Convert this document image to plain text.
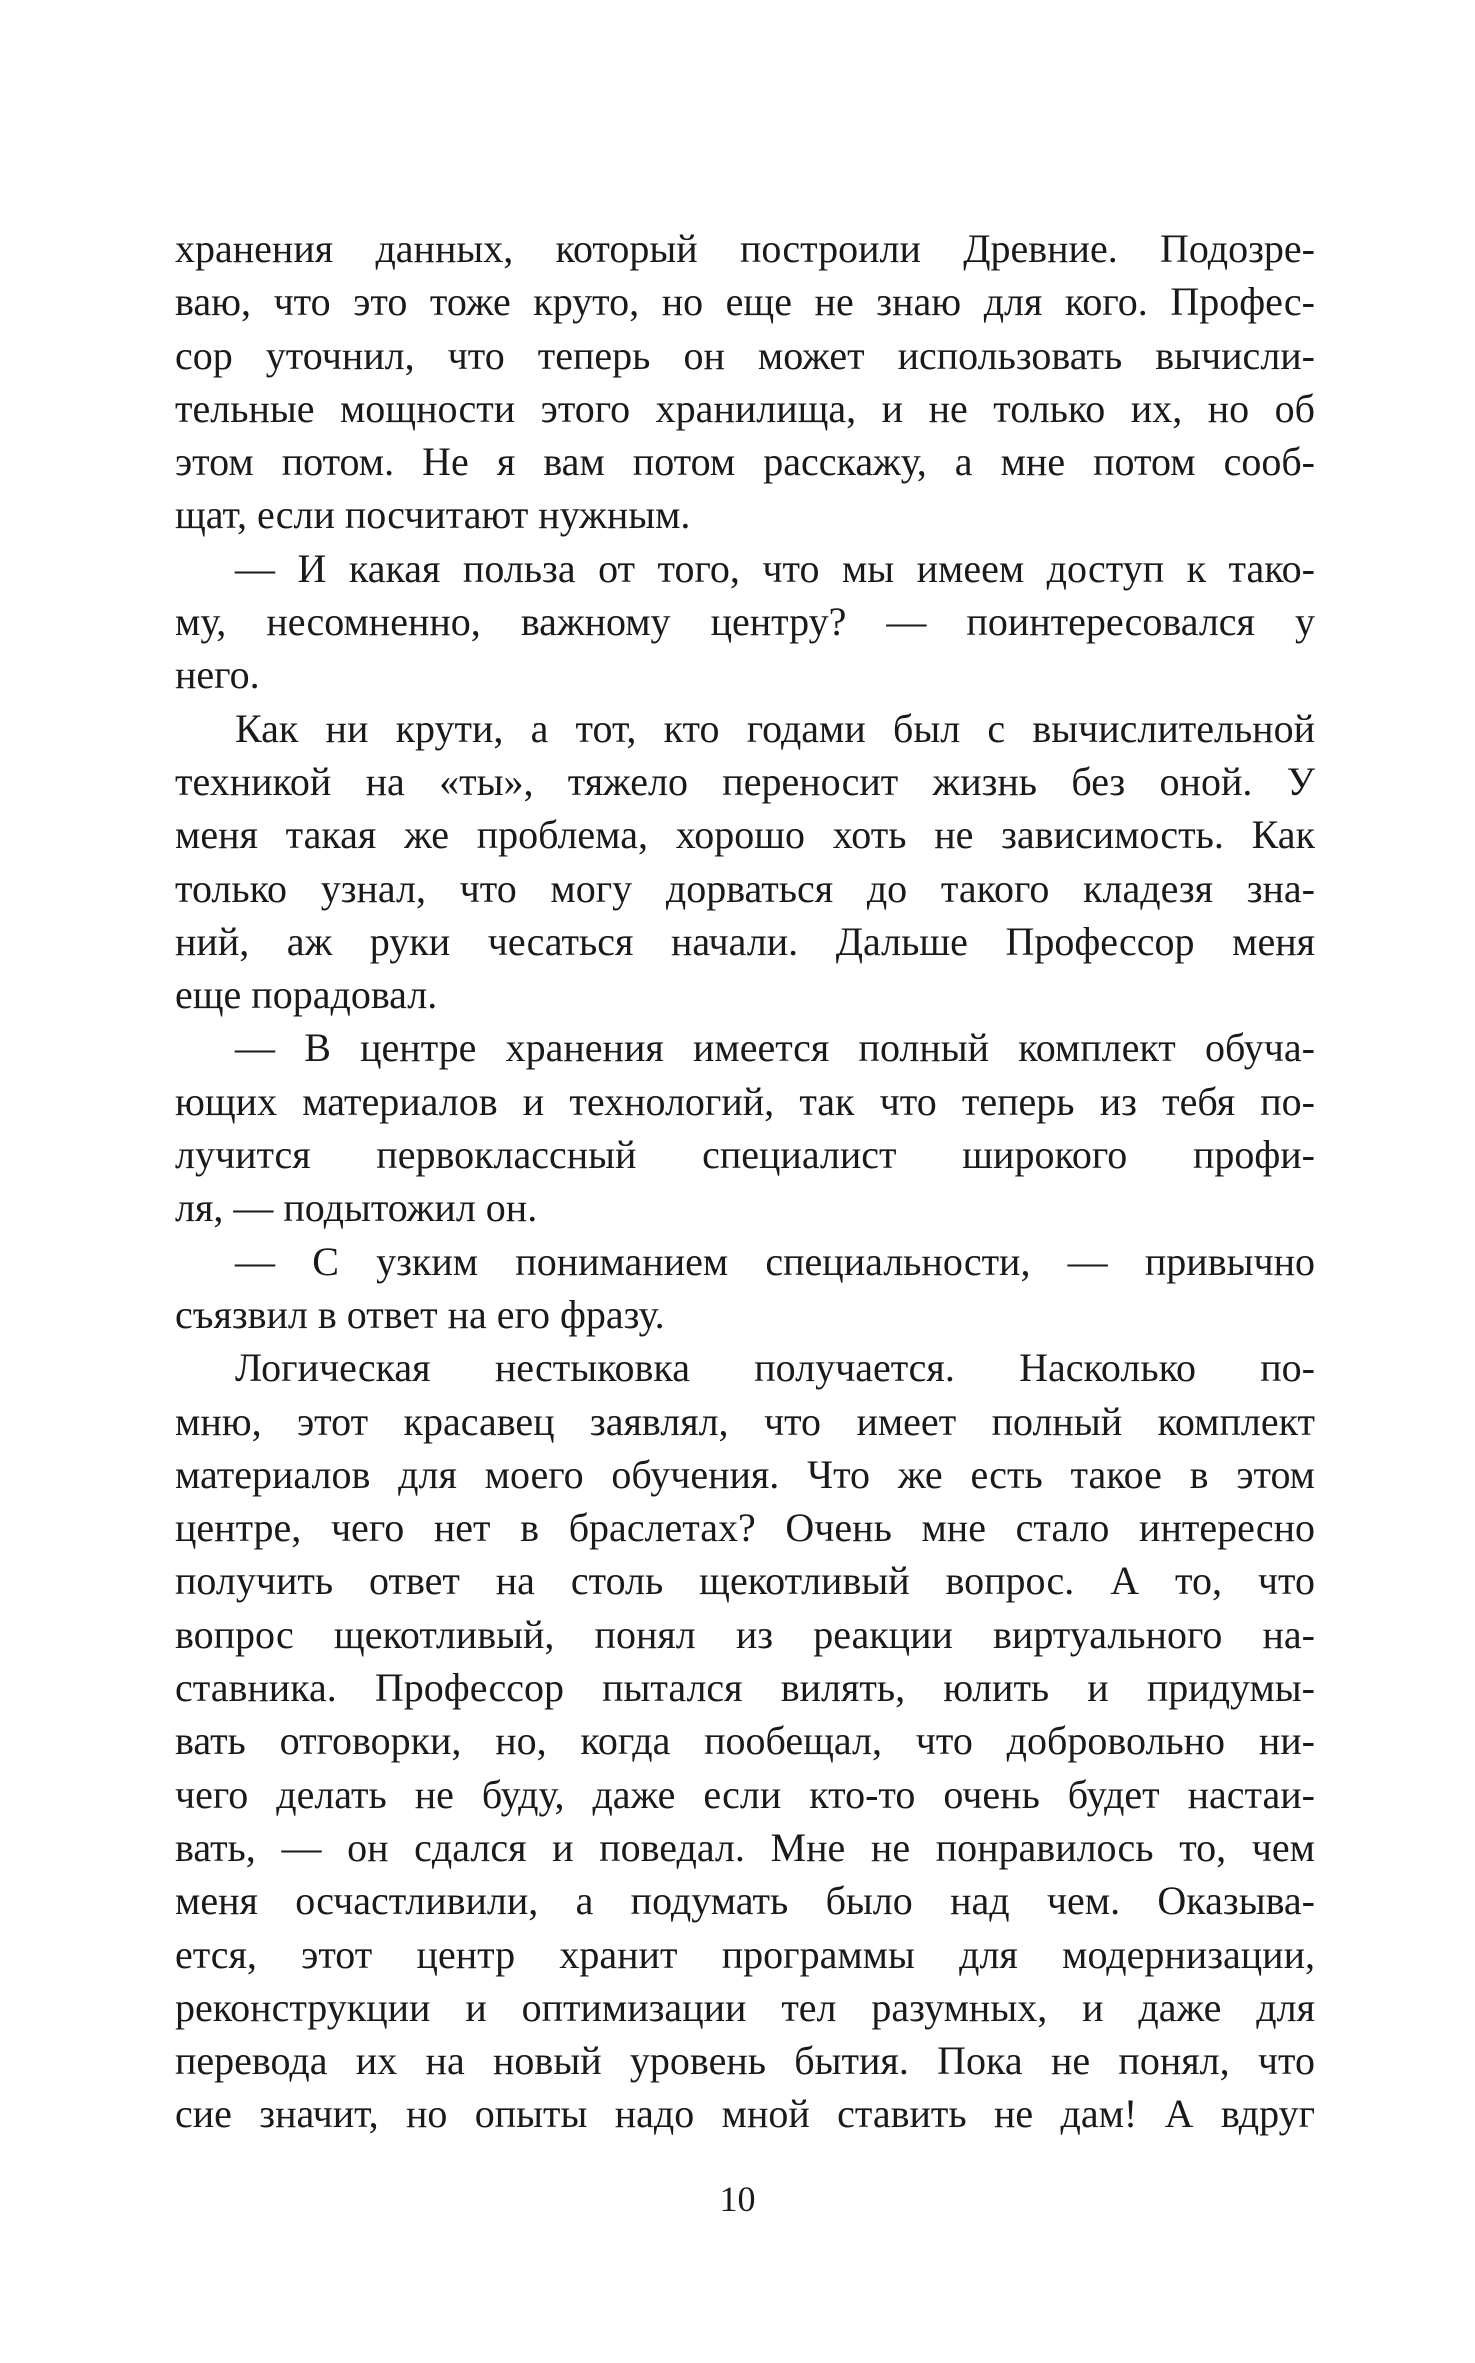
хранения данных, который построили Древние. Подозре-
ваю, что это тоже круто, но еще не знаю для кого. Профес-
сор уточнил, что теперь он может использовать вычисли-
тельные мощности этого хранилища, и не только их, но об
этом потом. Не я вам потом расскажу, а мне потом сооб-
щат, если посчитают нужным.
— И какая польза от того, что мы имеем доступ к тако-
му, несомненно, важному центру? — поинтересовался у
него.
Как ни крути, а тот, кто годами был с вычислительной
техникой на «ты», тяжело переносит жизнь без оной. У
меня такая же проблема, хорошо хоть не зависимость. Как
только узнал, что могу дорваться до такого кладезя зна-
ний, аж руки чесаться начали. Дальше Профессор меня
еще порадовал.
— В центре хранения имеется полный комплект обуча-
ющих материалов и технологий, так что теперь из тебя по-
лучится первоклассный специалист широкого профи-
ля, — подытожил он.
— С узким пониманием специальности, — привычно
съязвил в ответ на его фразу.
Логическая нестыковка получается. Насколько по-
мню, этот красавец заявлял, что имеет полный комплект
материалов для моего обучения. Что же есть такое в этом
центре, чего нет в браслетах? Очень мне стало интересно
получить ответ на столь щекотливый вопрос. А то, что
вопрос щекотливый, понял из реакции виртуального на-
ставника. Профессор пытался вилять, юлить и придумы-
вать отговорки, но, когда пообещал, что добровольно ни-
чего делать не буду, даже если кто-то очень будет настаи-
вать, — он сдался и поведал. Мне не понравилось то, чем
меня осчастливили, а подумать было над чем. Оказыва-
ется, этот центр хранит программы для модернизации,
реконструкции и оптимизации тел разумных, и даже для
перевода их на новый уровень бытия. Пока не понял, что
сие значит, но опыты надо мной ставить не дам! А вдруг
10
